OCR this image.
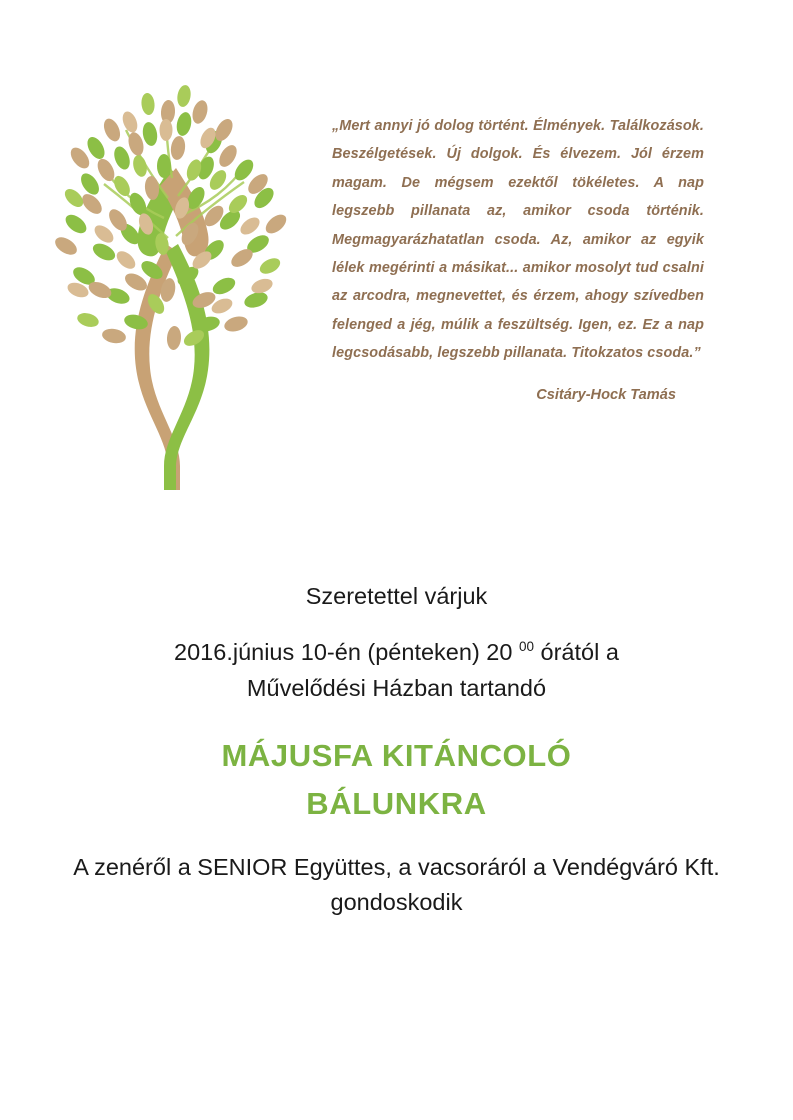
„Mert annyi jó dolog történt. Élmények. Találkozások. Beszélgetések. Új dolgok. És élvezem. Jól érzem magam. De mégsem ezektől tökéletes. A nap legszebb pillanata az, amikor csoda történik. Megmagyarázhatatlan csoda. Az, amikor az egyik lélek megérinti a másikat... amikor mosolyt tud csalni az arcodra, megnevettet, és érzem, ahogy szívedben felenged a jég, múlik a feszültség. Igen, ez. Ez a nap legcsodásabb, legszebb pillanata. Titokzatos csoda.”

Csitáry-Hock Tamás
Szeretettel várjuk
2016.június 10-én (pénteken) 20 $^{00}$ órától a Művelődési Házban tartandó
MÁJUSFA KITÁNCOLÓ
BÁLUNKRA
A zenéről a SENIOR Együttes, a vacsoráról a Vendégváró Kft. gondoskodik
